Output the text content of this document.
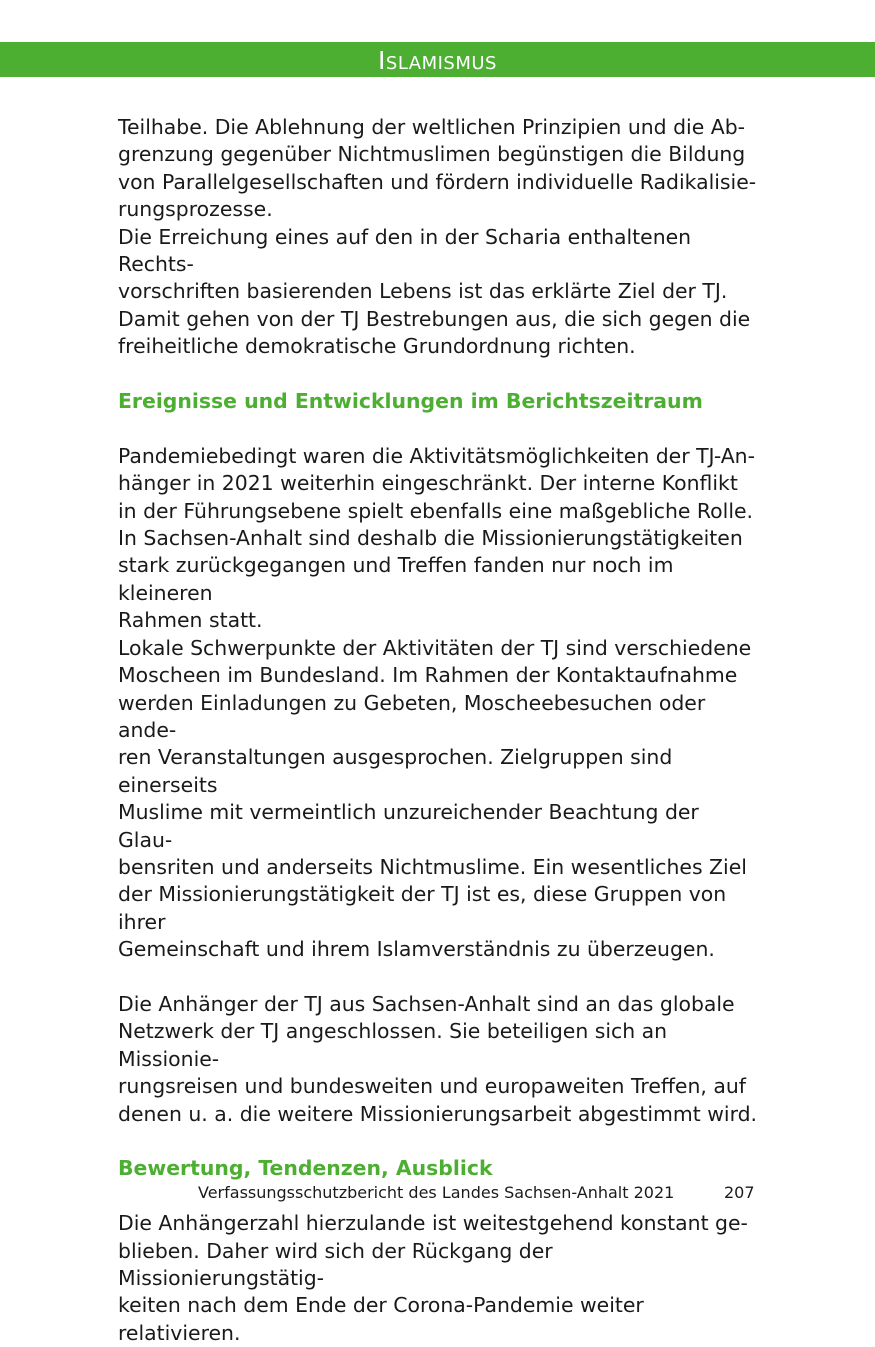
Islamismus

Teilhabe. Die Ablehnung der weltlichen Prinzipien und die Ab-
grenzung gegenüber Nichtmuslimen begünstigen die Bildung
von Parallelgesellschaften und fördern individuelle Radikalisie-
rungsprozesse.

Die Erreichung eines auf den in der Scharia enthaltenen Rechts-
vorschriften basierenden Lebens ist das erklärte Ziel der TJ.
Damit gehen von der TJ Bestrebungen aus, die sich gegen die
freiheitliche demokratische Grundordnung richten.

Ereignisse und Entwicklungen im Berichtszeitraum

Pandemiebedingt waren die Aktivitätsmöglichkeiten der TJ-An-
hänger in 2021 weiterhin eingeschränkt. Der interne Konflikt
in der Führungsebene spielt ebenfalls eine maßgebliche Rolle.
In Sachsen-Anhalt sind deshalb die Missionierungstätigkeiten
stark zurückgegangen und Treffen fanden nur noch im kleineren
Rahmen statt.

Lokale Schwerpunkte der Aktivitäten der TJ sind verschiedene
Moscheen im Bundesland. Im Rahmen der Kontaktaufnahme
werden Einladungen zu Gebeten, Moscheebesuchen oder ande-
ren Veranstaltungen ausgesprochen. Zielgruppen sind einerseits
Muslime mit vermeintlich unzureichender Beachtung der Glau-
bensriten und anderseits Nichtmuslime. Ein wesentliches Ziel
der Missionierungstätigkeit der TJ ist es, diese Gruppen von ihrer
Gemeinschaft und ihrem Islamverständnis zu überzeugen.

Die Anhänger der TJ aus Sachsen-Anhalt sind an das globale
Netzwerk der TJ angeschlossen. Sie beteiligen sich an Missionie-
rungsreisen und bundesweiten und europaweiten Treffen, auf
denen u. a. die weitere Missionierungsarbeit abgestimmt wird.

Bewertung, Tendenzen, Ausblick

Die Anhängerzahl hierzulande ist weitestgehend konstant ge-
blieben. Daher wird sich der Rückgang der Missionierungstätig-
keiten nach dem Ende der Corona-Pandemie weiter relativieren.

Verfassungsschutzbericht des Landes Sachsen-Anhalt 2021	207
